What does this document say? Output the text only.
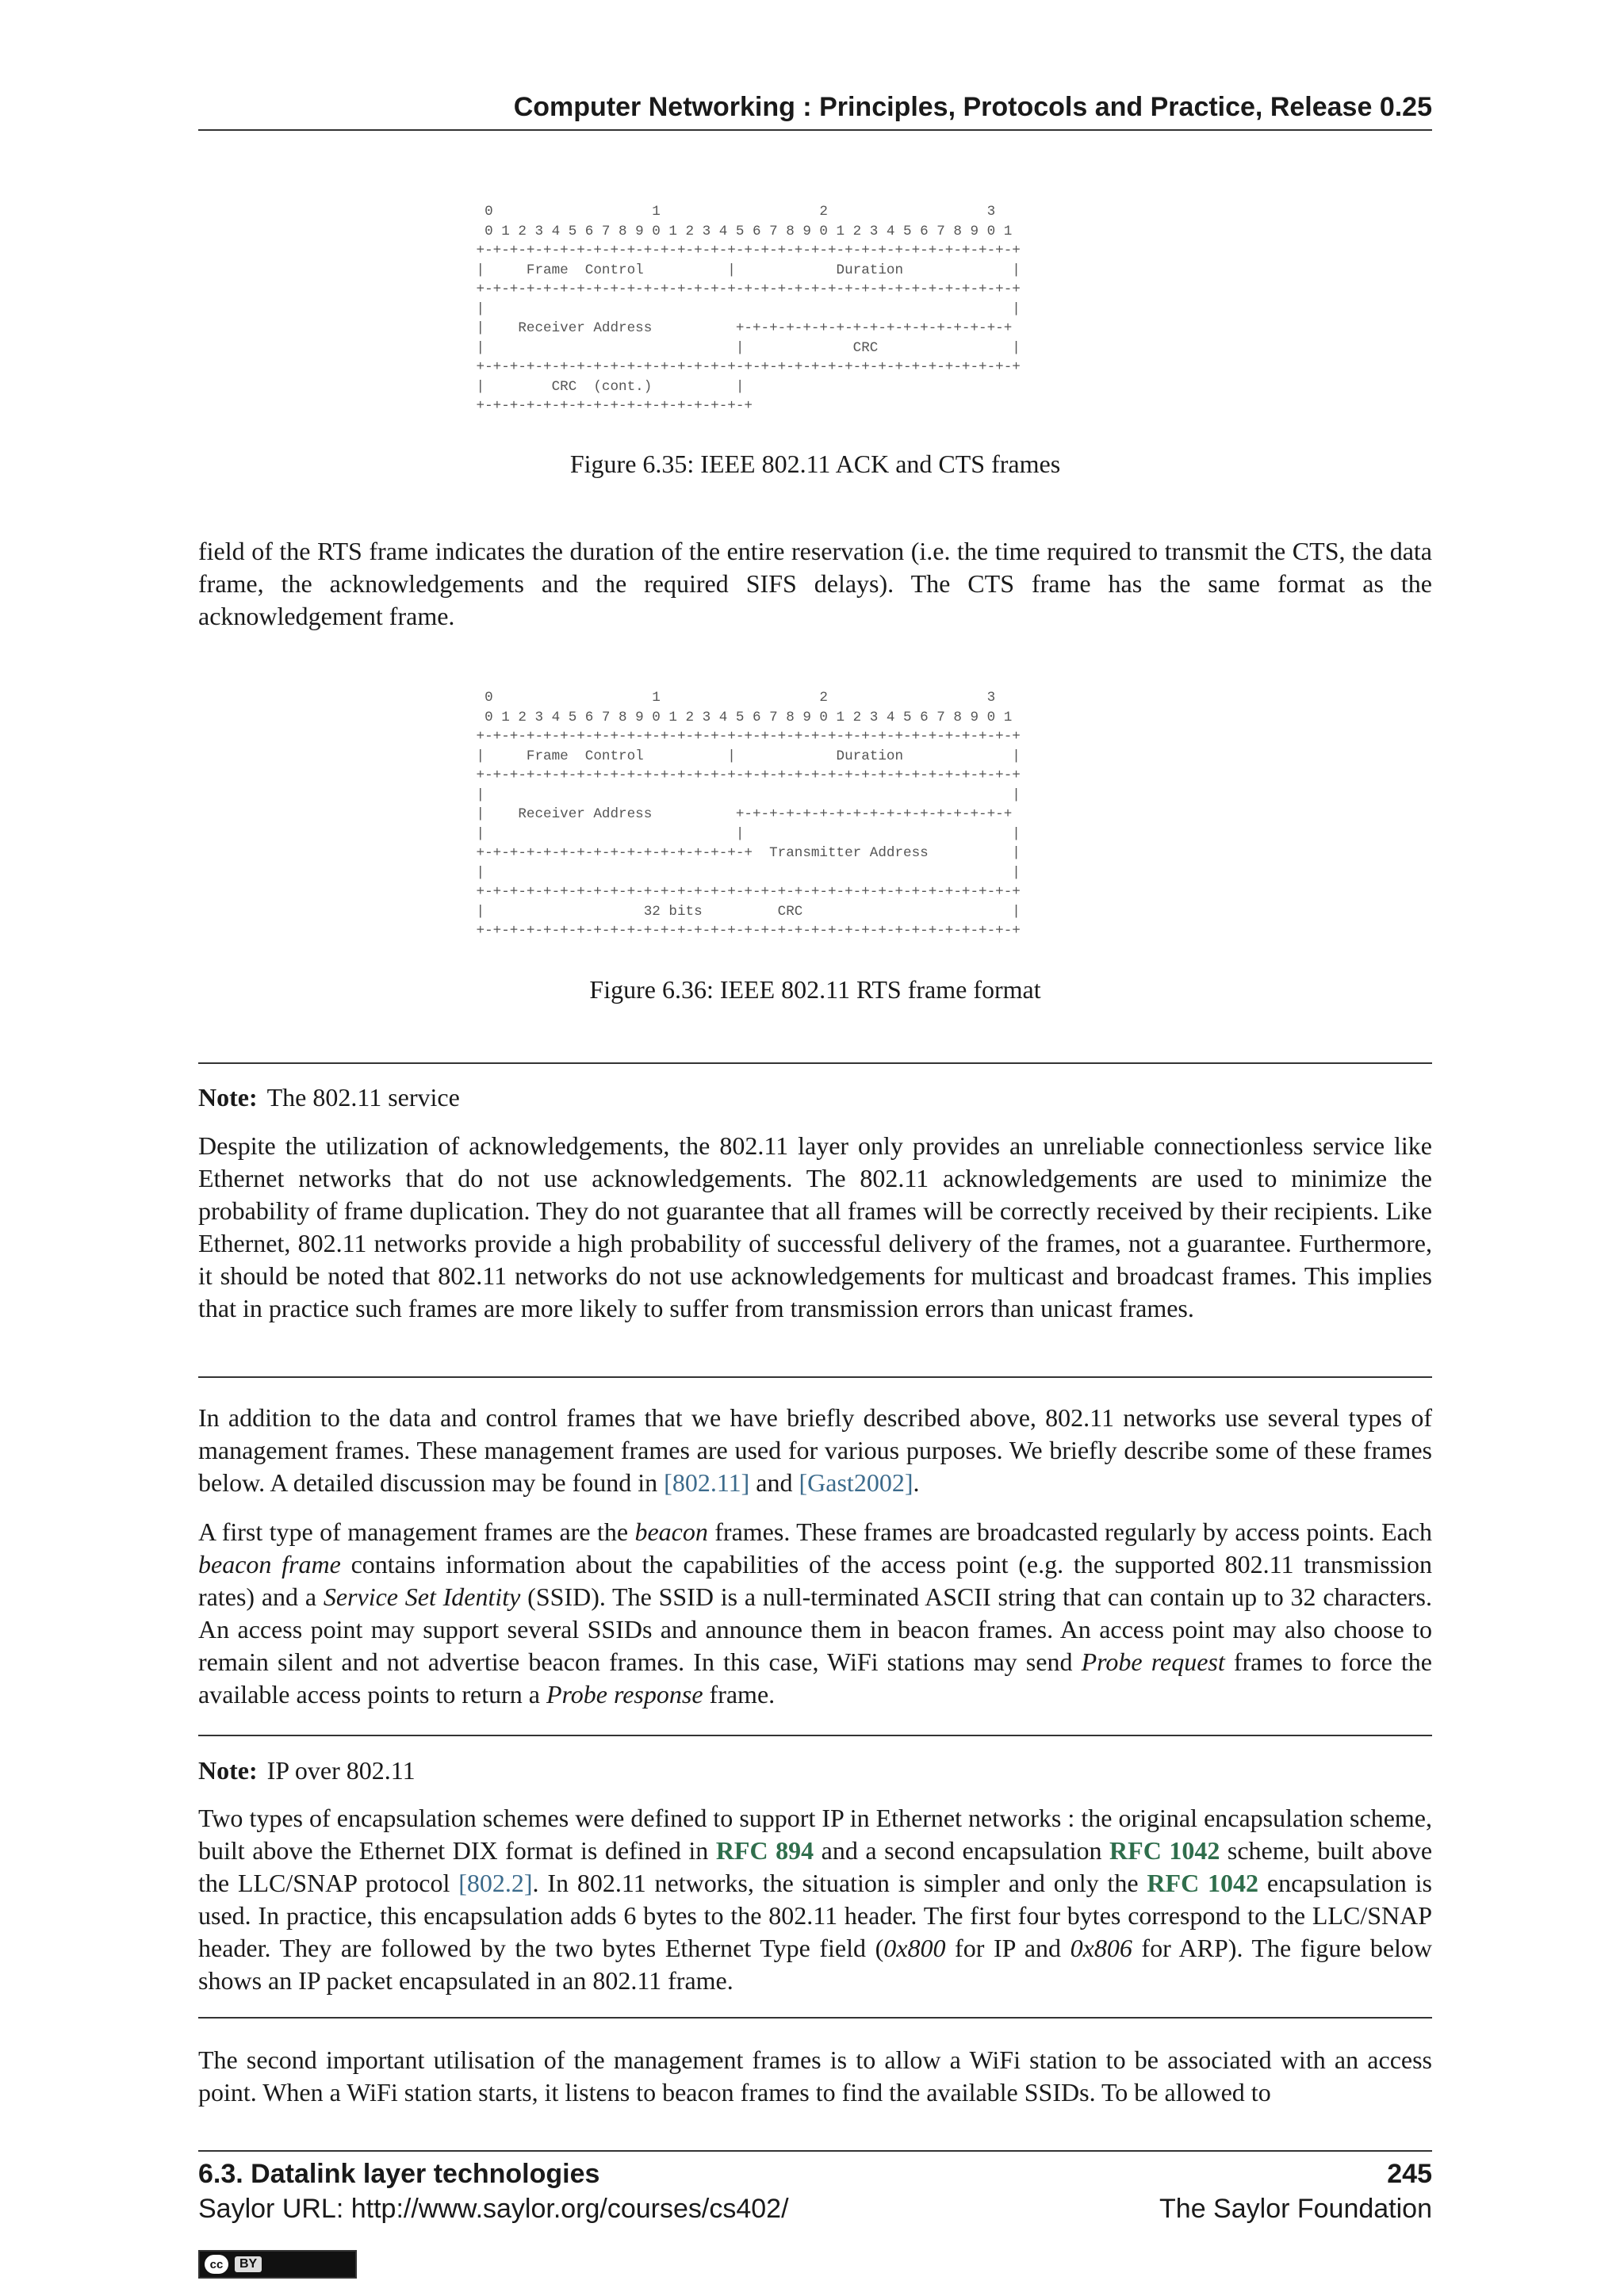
Computer Networking : Principles, Protocols and Practice, Release 0.25
0                   1                   2                   3
0 1 2 3 4 5 6 7 8 9 0 1 2 3 4 5 6 7 8 9 0 1 2 3 4 5 6 7 8 9 0 1
+-+-+-+-+-+-+-+-+-+-+-+-+-+-+-+-+-+-+-+-+-+-+-+-+-+-+-+-+-+-+-+-+
|     Frame  Control          |            Duration             |
+-+-+-+-+-+-+-+-+-+-+-+-+-+-+-+-+-+-+-+-+-+-+-+-+-+-+-+-+-+-+-+-+
|                                                               |
|    Receiver Address          +-+-+-+-+-+-+-+-+-+-+-+-+-+-+-+-+
|                              |             CRC                |
+-+-+-+-+-+-+-+-+-+-+-+-+-+-+-+-+-+-+-+-+-+-+-+-+-+-+-+-+-+-+-+-+
|        CRC  (cont.)          |
+-+-+-+-+-+-+-+-+-+-+-+-+-+-+-+-+
Figure 6.35: IEEE 802.11 ACK and CTS frames

field of the RTS frame indicates the duration of the entire reservation (i.e. the time required to transmit the CTS, the data frame, the acknowledgements and the required SIFS delays). The CTS frame has the same format as the acknowledgement frame.

0                   1                   2                   3
0 1 2 3 4 5 6 7 8 9 0 1 2 3 4 5 6 7 8 9 0 1 2 3 4 5 6 7 8 9 0 1
+-+-+-+-+-+-+-+-+-+-+-+-+-+-+-+-+-+-+-+-+-+-+-+-+-+-+-+-+-+-+-+-+
|     Frame  Control          |            Duration             |
+-+-+-+-+-+-+-+-+-+-+-+-+-+-+-+-+-+-+-+-+-+-+-+-+-+-+-+-+-+-+-+-+
|                                                               |
|    Receiver Address          +-+-+-+-+-+-+-+-+-+-+-+-+-+-+-+-+
|                              |                                |
+-+-+-+-+-+-+-+-+-+-+-+-+-+-+-+-+  Transmitter Address          |
|                                                               |
+-+-+-+-+-+-+-+-+-+-+-+-+-+-+-+-+-+-+-+-+-+-+-+-+-+-+-+-+-+-+-+-+
|                   32 bits         CRC                         |
+-+-+-+-+-+-+-+-+-+-+-+-+-+-+-+-+-+-+-+-+-+-+-+-+-+-+-+-+-+-+-+-+
Figure 6.36: IEEE 802.11 RTS frame format
Note: The 802.11 service

Despite the utilization of acknowledgements, the 802.11 layer only provides an unreliable connectionless service like Ethernet networks that do not use acknowledgements. The 802.11 acknowledgements are used to minimize the probability of frame duplication. They do not guarantee that all frames will be correctly received by their recipients. Like Ethernet, 802.11 networks provide a high probability of successful delivery of the frames, not a guarantee. Furthermore, it should be noted that 802.11 networks do not use acknowledgements for multicast and broadcast frames. This implies that in practice such frames are more likely to suffer from transmission errors than unicast frames.

In addition to the data and control frames that we have briefly described above, 802.11 networks use several types of management frames. These management frames are used for various purposes. We briefly describe some of these frames below. A detailed discussion may be found in [802.11] and [Gast2002].

A first type of management frames are the beacon frames. These frames are broadcasted regularly by access points. Each beacon frame contains information about the capabilities of the access point (e.g. the supported 802.11 transmission rates) and a Service Set Identity (SSID). The SSID is a null-terminated ASCII string that can contain up to 32 characters. An access point may support several SSIDs and announce them in beacon frames. An access point may also choose to remain silent and not advertise beacon frames. In this case, WiFi stations may send Probe request frames to force the available access points to return a Probe response frame.

Note: IP over 802.11

Two types of encapsulation schemes were defined to support IP in Ethernet networks : the original encapsulation scheme, built above the Ethernet DIX format is defined in RFC 894 and a second encapsulation RFC 1042 scheme, built above the LLC/SNAP protocol [802.2]. In 802.11 networks, the situation is simpler and only the RFC 1042 encapsulation is used. In practice, this encapsulation adds 6 bytes to the 802.11 header. The first four bytes correspond to the LLC/SNAP header. They are followed by the two bytes Ethernet Type field (0x800 for IP and 0x806 for ARP). The figure below shows an IP packet encapsulated in an 802.11 frame.

The second important utilisation of the management frames is to allow a WiFi station to be associated with an access point. When a WiFi station starts, it listens to beacon frames to find the available SSIDs. To be allowed to

6.3. Datalink layer technologies	245
Saylor URL: http://www.saylor.org/courses/cs402/	The Saylor Foundation
cc	BY
